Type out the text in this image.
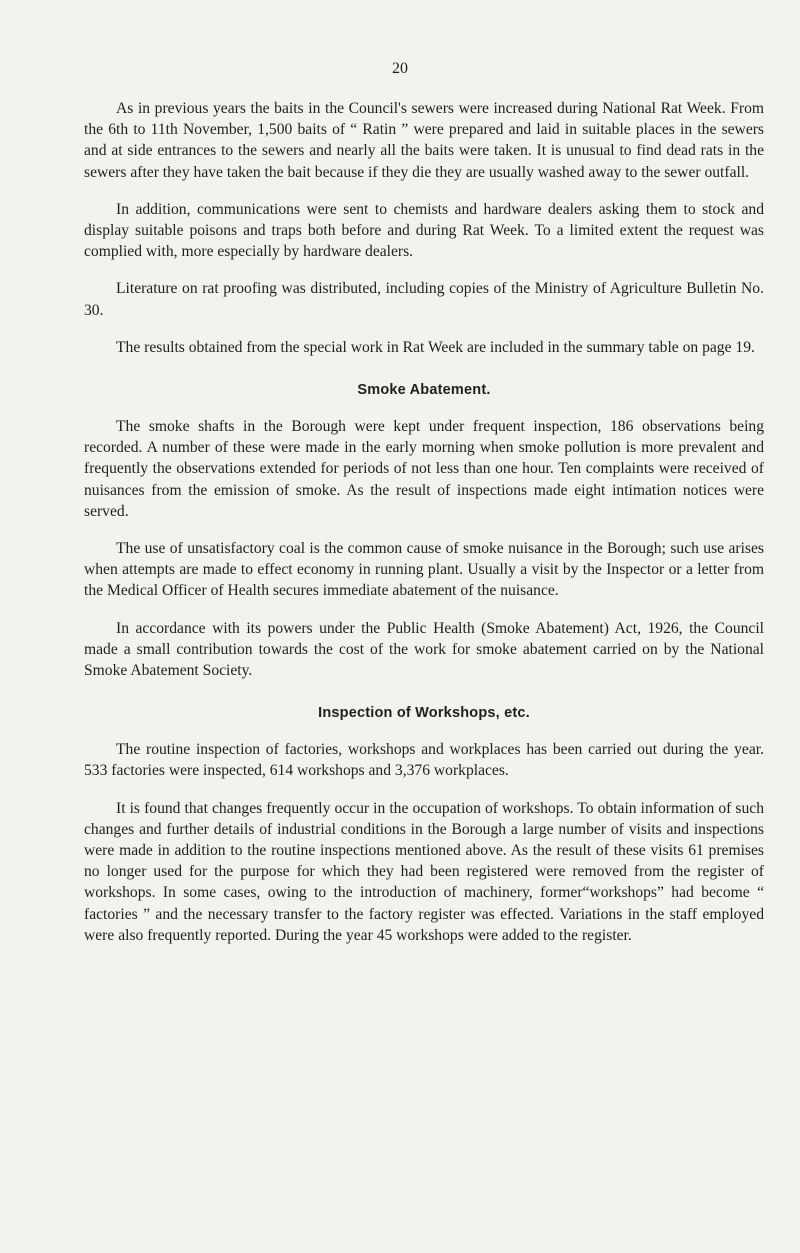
20

As in previous years the baits in the Council's sewers were increased during National Rat Week. From the 6th to 11th November, 1,500 baits of “ Ratin ” were prepared and laid in suitable places in the sewers and at side entrances to the sewers and nearly all the baits were taken. It is unusual to find dead rats in the sewers after they have taken the bait because if they die they are usually washed away to the sewer outfall.

In addition, communications were sent to chemists and hardware dealers asking them to stock and display suitable poisons and traps both before and during Rat Week. To a limited extent the request was complied with, more especially by hardware dealers.

Literature on rat proofing was distributed, including copies of the Ministry of Agriculture Bulletin No. 30.

The results obtained from the special work in Rat Week are included in the summary table on page 19.

Smoke Abatement.

The smoke shafts in the Borough were kept under frequent inspection, 186 observations being recorded. A number of these were made in the early morning when smoke pollution is more prevalent and frequently the observations extended for periods of not less than one hour. Ten complaints were received of nuisances from the emission of smoke. As the result of inspections made eight intimation notices were served.

The use of unsatisfactory coal is the common cause of smoke nuisance in the Borough; such use arises when attempts are made to effect economy in running plant. Usually a visit by the Inspector or a letter from the Medical Officer of Health secures immediate abatement of the nuisance.

In accordance with its powers under the Public Health (Smoke Abatement) Act, 1926, the Council made a small contribution towards the cost of the work for smoke abatement carried on by the National Smoke Abatement Society.

Inspection of Workshops, etc.

The routine inspection of factories, workshops and workplaces has been carried out during the year. 533 factories were inspected, 614 workshops and 3,376 workplaces.

It is found that changes frequently occur in the occupation of workshops. To obtain information of such changes and further details of industrial conditions in the Borough a large number of visits and inspections were made in addition to the routine inspections mentioned above. As the result of these visits 61 premises no longer used for the purpose for which they had been registered were removed from the register of workshops. In some cases, owing to the introduction of machinery, former“workshops” had become “ factories ” and the necessary transfer to the factory register was effected. Variations in the staff employed were also frequently reported. During the year 45 workshops were added to the register.
